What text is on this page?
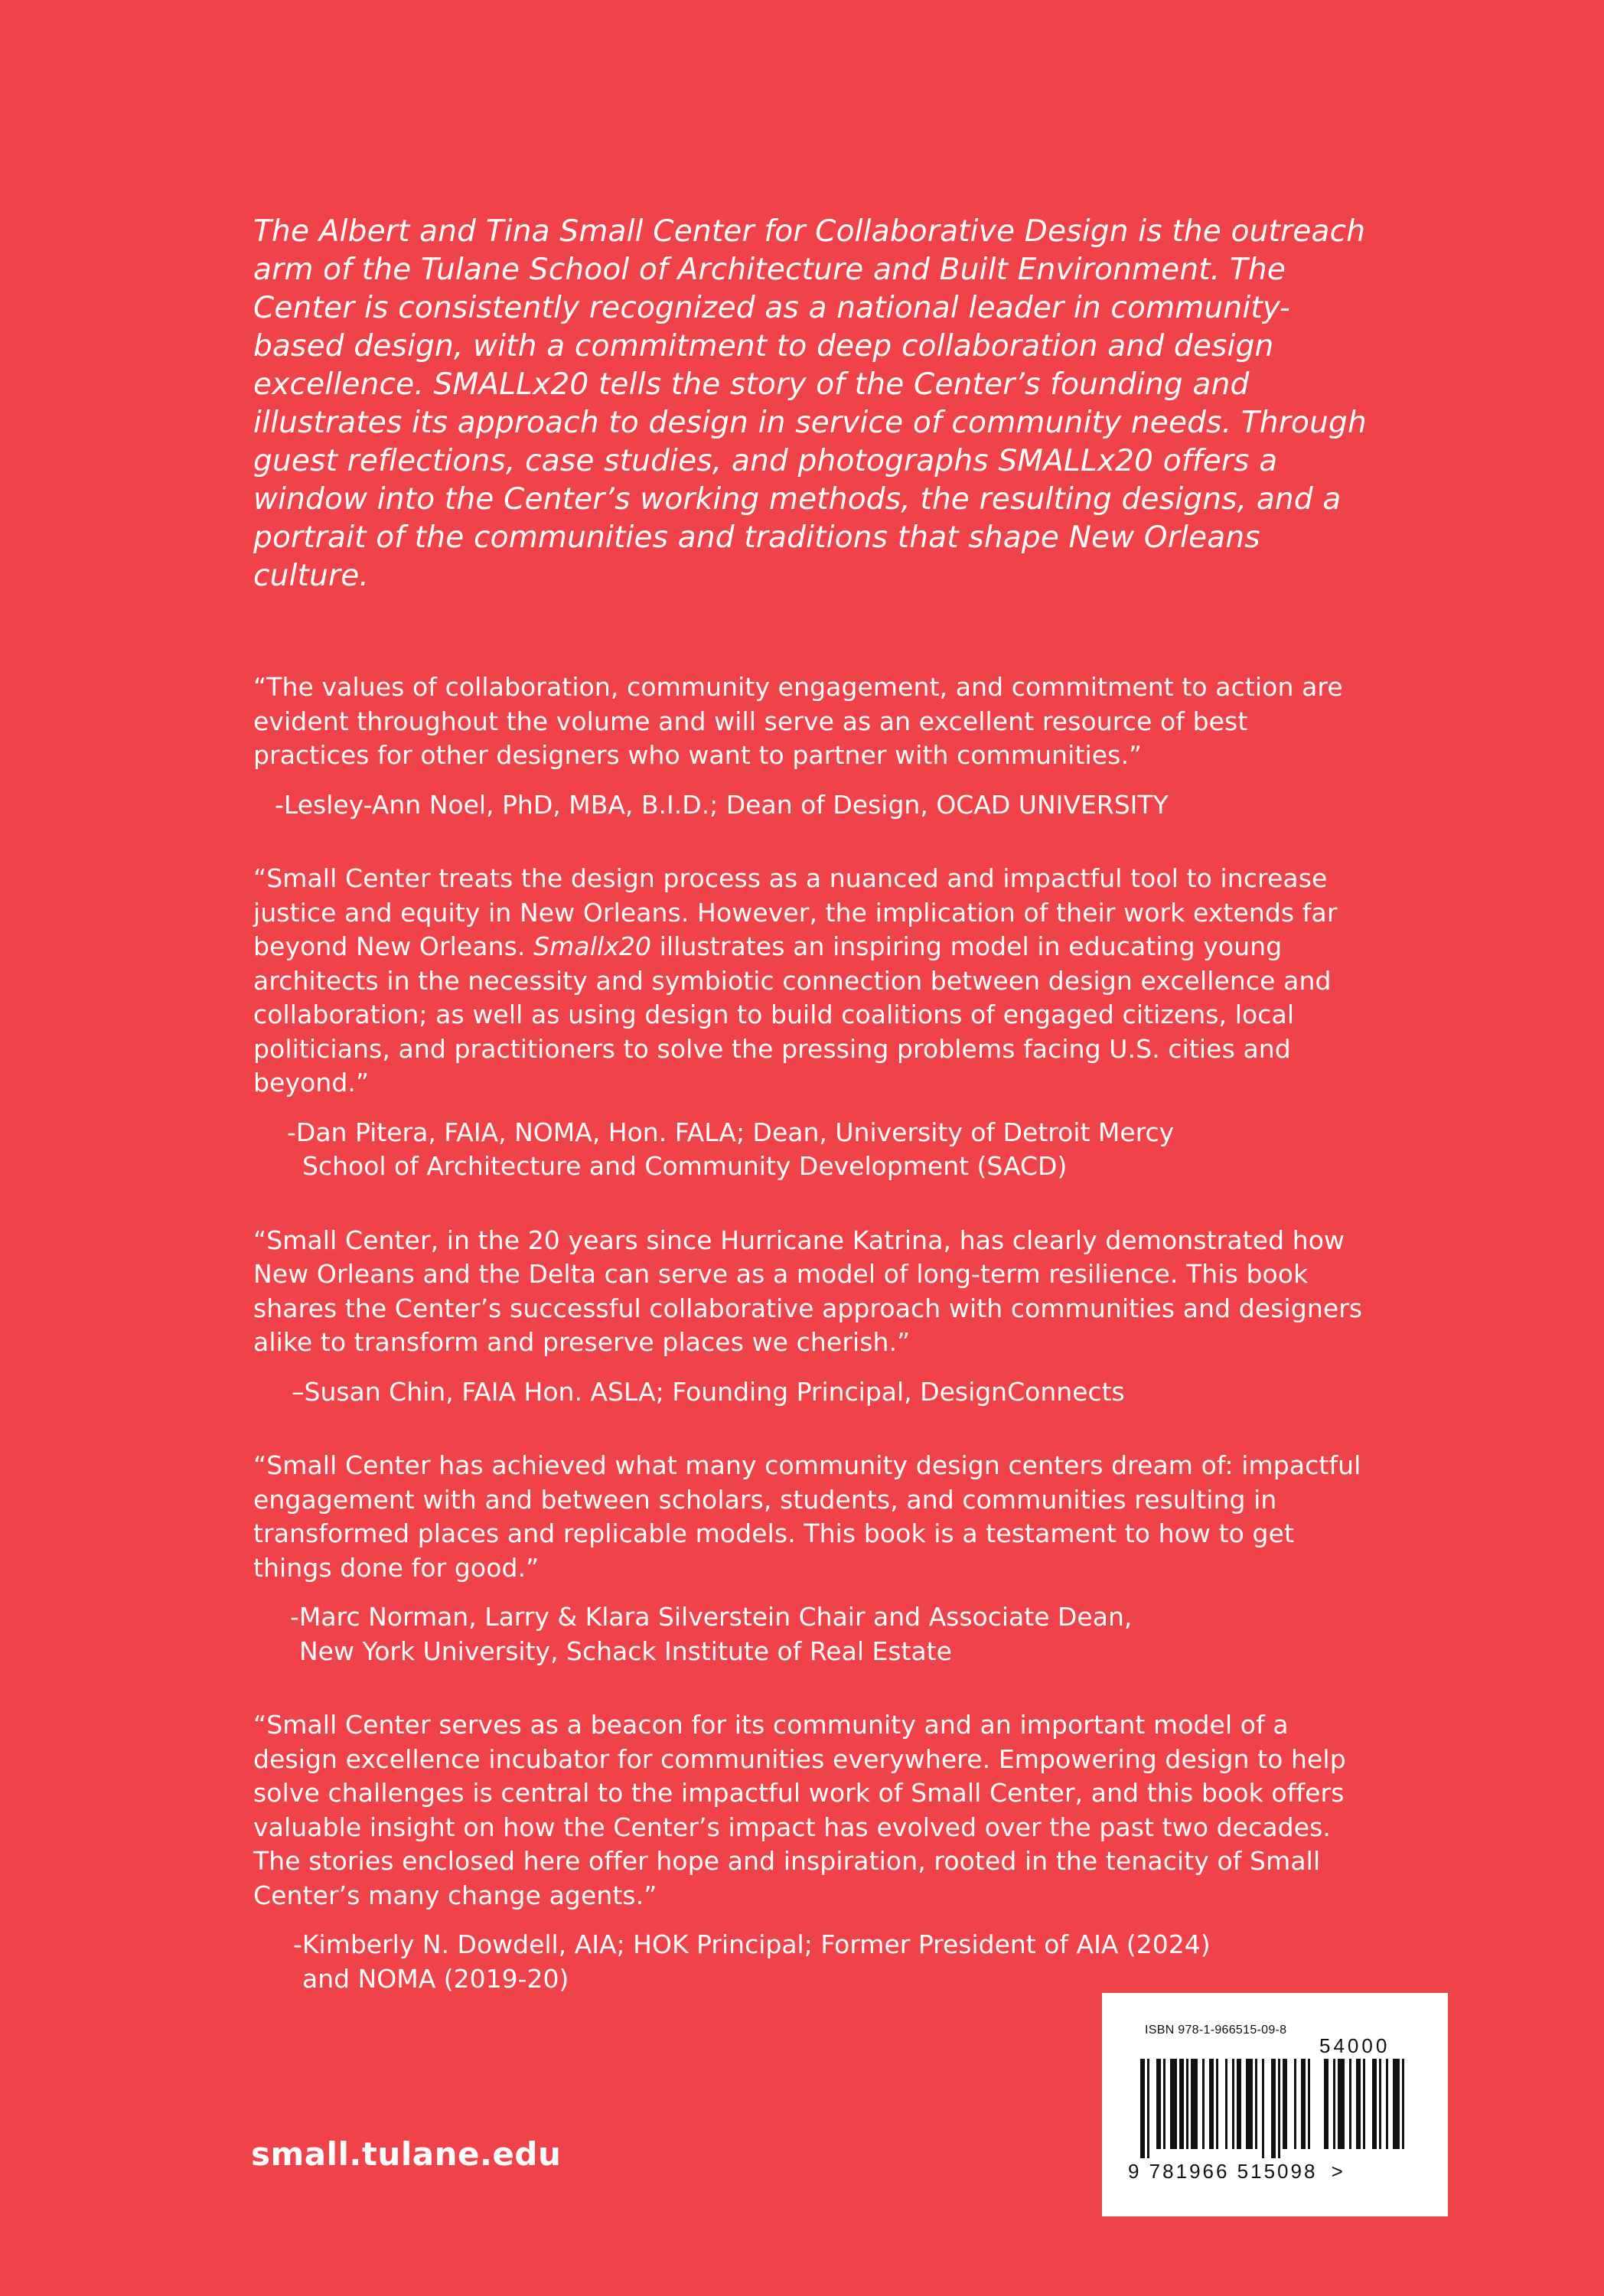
The Albert and Tina Small Center for Collaborative Design is the outreach arm of the Tulane School of Architecture and Built Environment. The Center is consistently recognized as a national leader in community-based design, with a commitment to deep collaboration and design excellence. SMALLx20 tells the story of the Center’s founding and illustrates its approach to design in service of community needs. Through guest reflections, case studies, and photographs SMALLx20 offers a window into the Center’s working methods, the resulting designs, and a portrait of the communities and traditions that shape New Orleans culture.

“The values of collaboration, community engagement, and commitment to action are evident throughout the volume and will serve as an excellent resource of best practices for other designers who want to partner with communities.”

-Lesley-Ann Noel, PhD, MBA, B.I.D.; Dean of Design, OCAD UNIVERSITY

“Small Center treats the design process as a nuanced and impactful tool to increase justice and equity in New Orleans. However, the implication of their work extends far beyond New Orleans. Smallx20 illustrates an inspiring model in educating young architects in the necessity and symbiotic connection between design excellence and collaboration; as well as using design to build coalitions of engaged citizens, local politicians, and practitioners to solve the pressing problems facing U.S. cities and beyond.”

-Dan Pitera, FAIA, NOMA, Hon. FALA; Dean, University of Detroit Mercy
School of Architecture and Community Development (SACD)

“Small Center, in the 20 years since Hurricane Katrina, has clearly demonstrated how New Orleans and the Delta can serve as a model of long-term resilience. This book shares the Center’s successful collaborative approach with communities and designers alike to transform and preserve places we cherish.”

–Susan Chin, FAIA Hon. ASLA; Founding Principal, DesignConnects

“Small Center has achieved what many community design centers dream of: impactful engagement with and between scholars, students, and communities resulting in transformed places and replicable models. This book is a testament to how to get things done for good.”

-Marc Norman, Larry & Klara Silverstein Chair and Associate Dean,
New York University, Schack Institute of Real Estate

“Small Center serves as a beacon for its community and an important model of a design excellence incubator for communities everywhere. Empowering design to help solve challenges is central to the impactful work of Small Center, and this book offers valuable insight on how the Center’s impact has evolved over the past two decades. The stories enclosed here offer hope and inspiration, rooted in the tenacity of Small Center’s many change agents.”

-Kimberly N. Dowdell, AIA; HOK Principal; Former President of AIA (2024)
and NOMA (2019-20)
small.tulane.edu
ISBN 978-1-966515-09-8
54000
9 781966 515098 >
